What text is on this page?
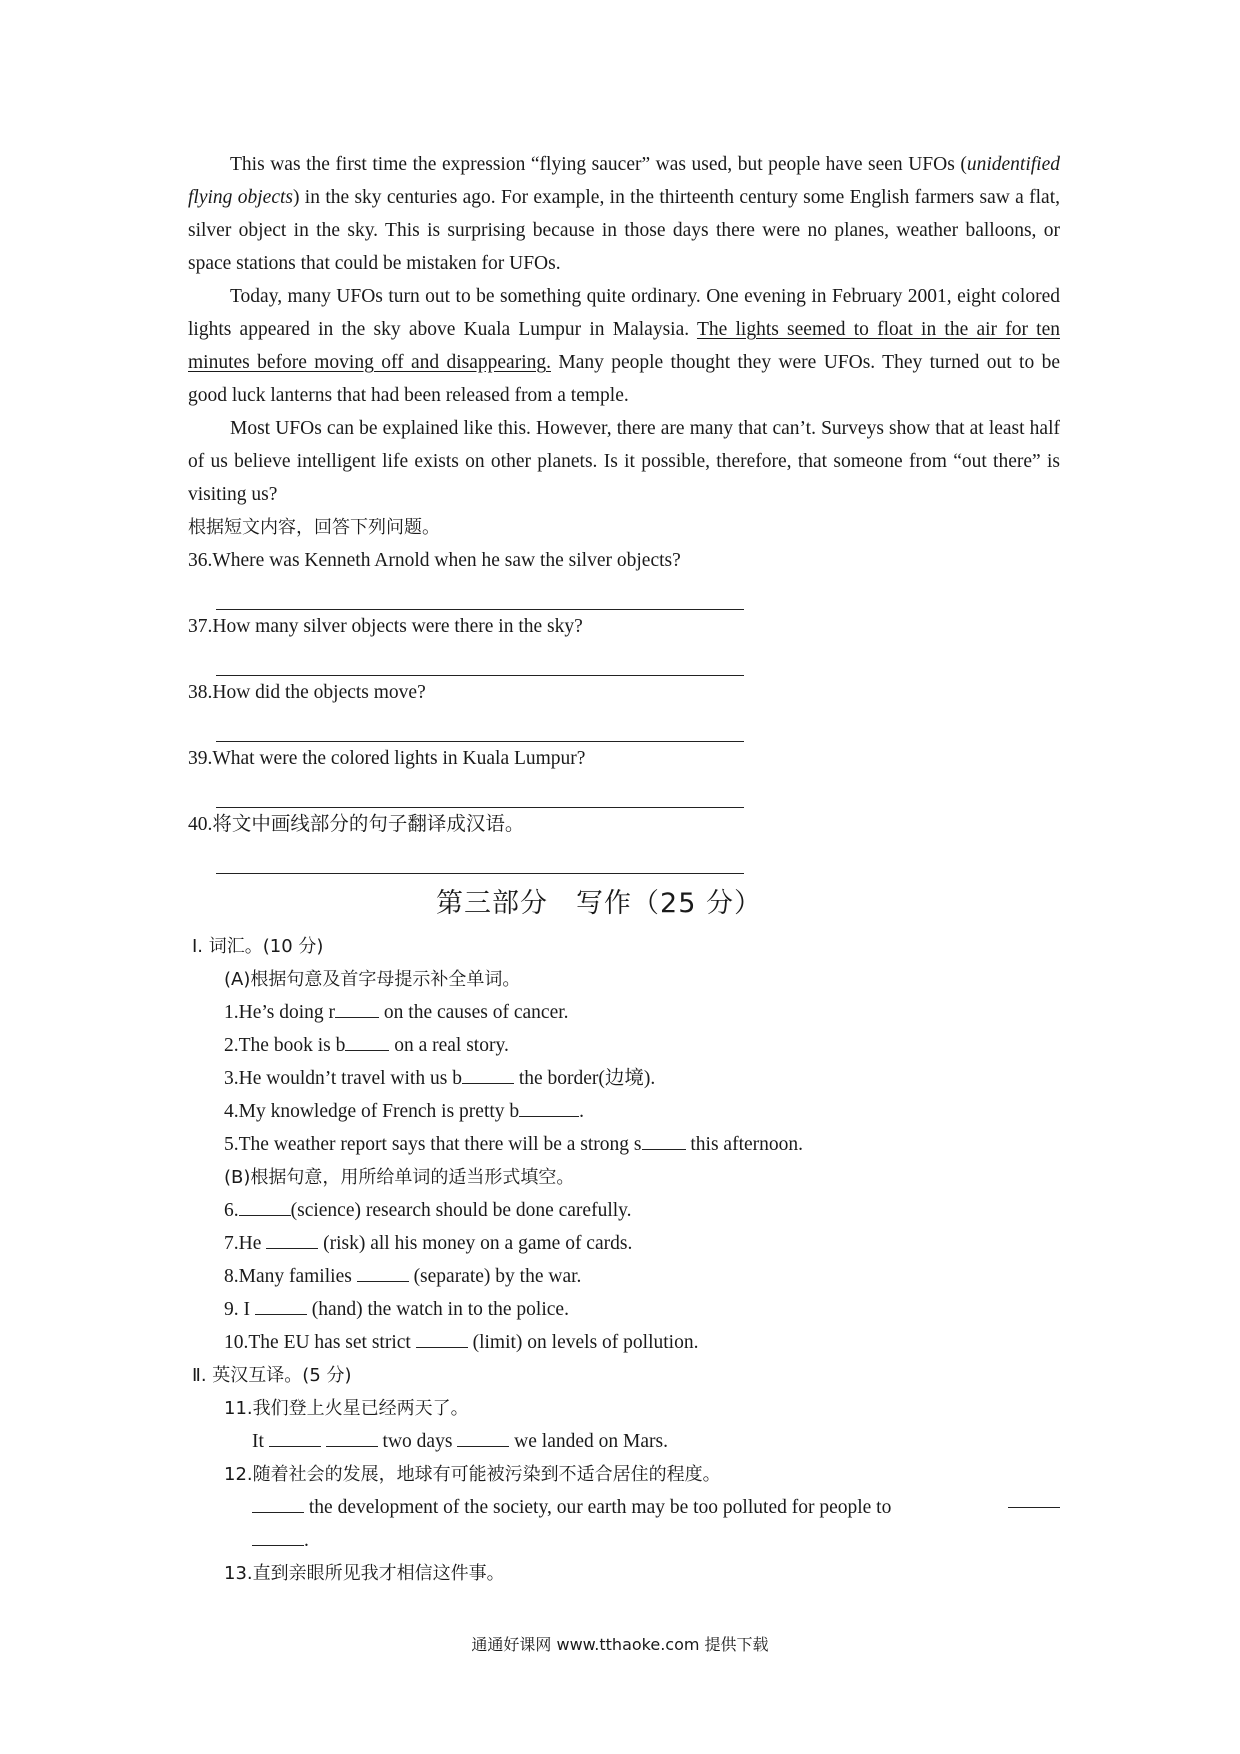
This was the first time the expression “flying saucer” was used, but people have seen UFOs (unidentified flying objects) in the sky centuries ago. For example, in the thirteenth century some English farmers saw a flat, silver object in the sky. This is surprising because in those days there were no planes, weather balloons, or space stations that could be mistaken for UFOs.

Today, many UFOs turn out to be something quite ordinary. One evening in February 2001, eight colored lights appeared in the sky above Kuala Lumpur in Malaysia. The lights seemed to float in the air for ten minutes before moving off and disappearing. Many people thought they were UFOs. They turned out to be good luck lanterns that had been released from a temple.

Most UFOs can be explained like this. However, there are many that can’t. Surveys show that at least half of us believe intelligent life exists on other planets. Is it possible, therefore, that someone from “out there” is visiting us?

根据短文内容，回答下列问题。
36.Where was Kenneth Arnold when he saw the silver objects?
37.How many silver objects were there in the sky?
38.How did the objects move?
39.What were the colored lights in Kuala Lumpur?
40.将文中画线部分的句子翻译成汉语。
第三部分　写作（25 分）
Ⅰ. 词汇。(10 分)
(A)根据句意及首字母提示补全单词。
1.He’s doing r on the causes of cancer.
2.The book is b on a real story.
3.He wouldn’t travel with us b	the border(边境).
4.My knowledge of French is pretty b	.
5.The weather report says that there will be a strong s this afternoon.
(B)根据句意，用所给单词的适当形式填空。
6.	(science) research should be done carefully.
7.He	(risk) all his money on a game of cards.
8.Many families	(separate) by the war.
9. I	(hand) the watch in to the police.
10.The EU has set strict	(limit) on levels of pollution.
Ⅱ. 英汉互译。(5 分)
11.我们登上火星已经两天了。
It	two days	we landed on Mars.
12.随着社会的发展，地球有可能被污染到不适合居住的程度。
the development of the society, our earth may be too polluted for people to
.
13.直到亲眼所见我才相信这件事。
通通好课网 www.tthaoke.com 提供下载
